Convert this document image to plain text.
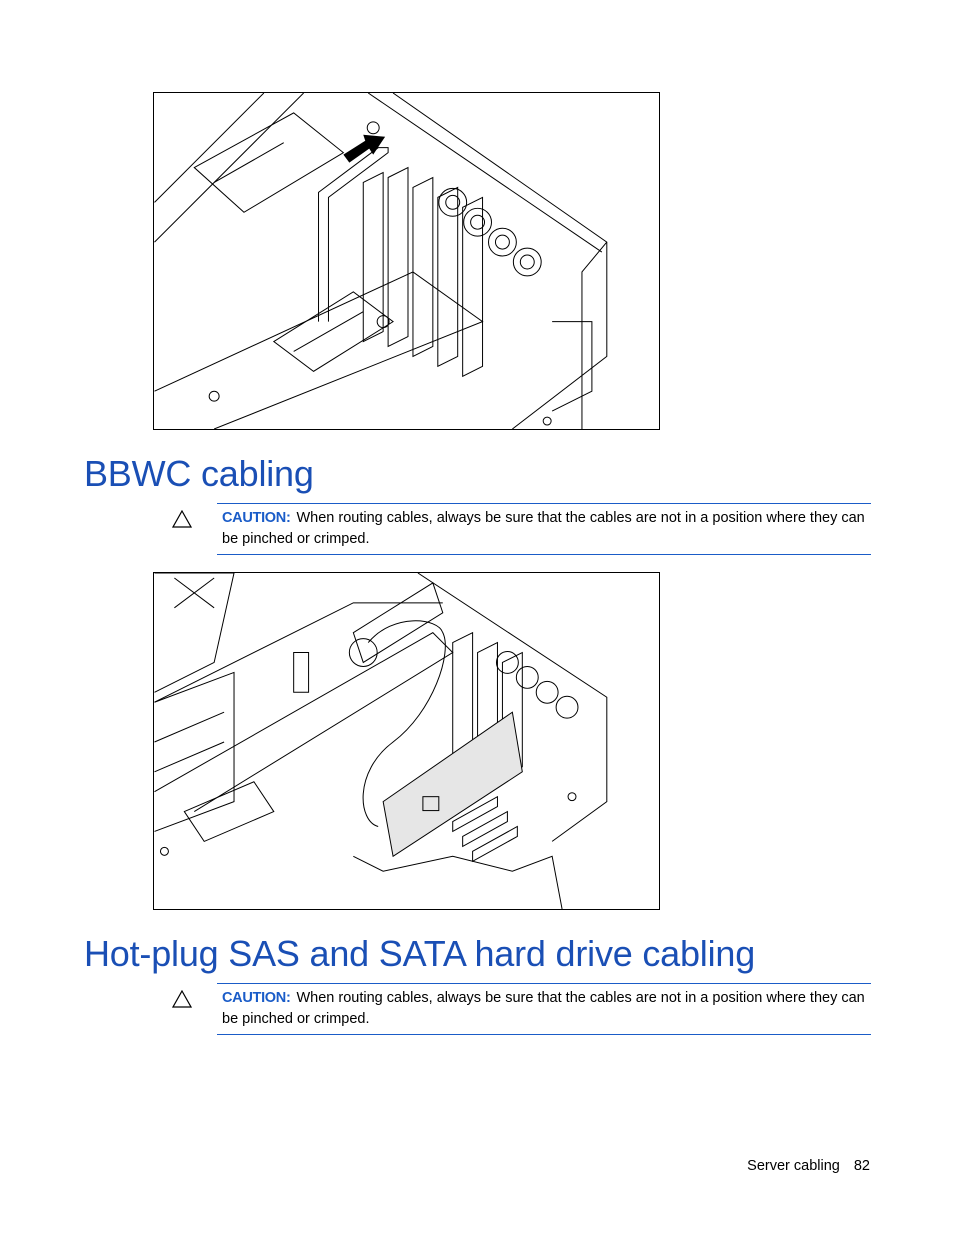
BBWC cabling
CAUTION: When routing cables, always be sure that the cables are not in a position where they can be pinched or crimped.
Hot-plug SAS and SATA hard drive cabling
CAUTION: When routing cables, always be sure that the cables are not in a position where they can be pinched or crimped.
Server cabling 82
